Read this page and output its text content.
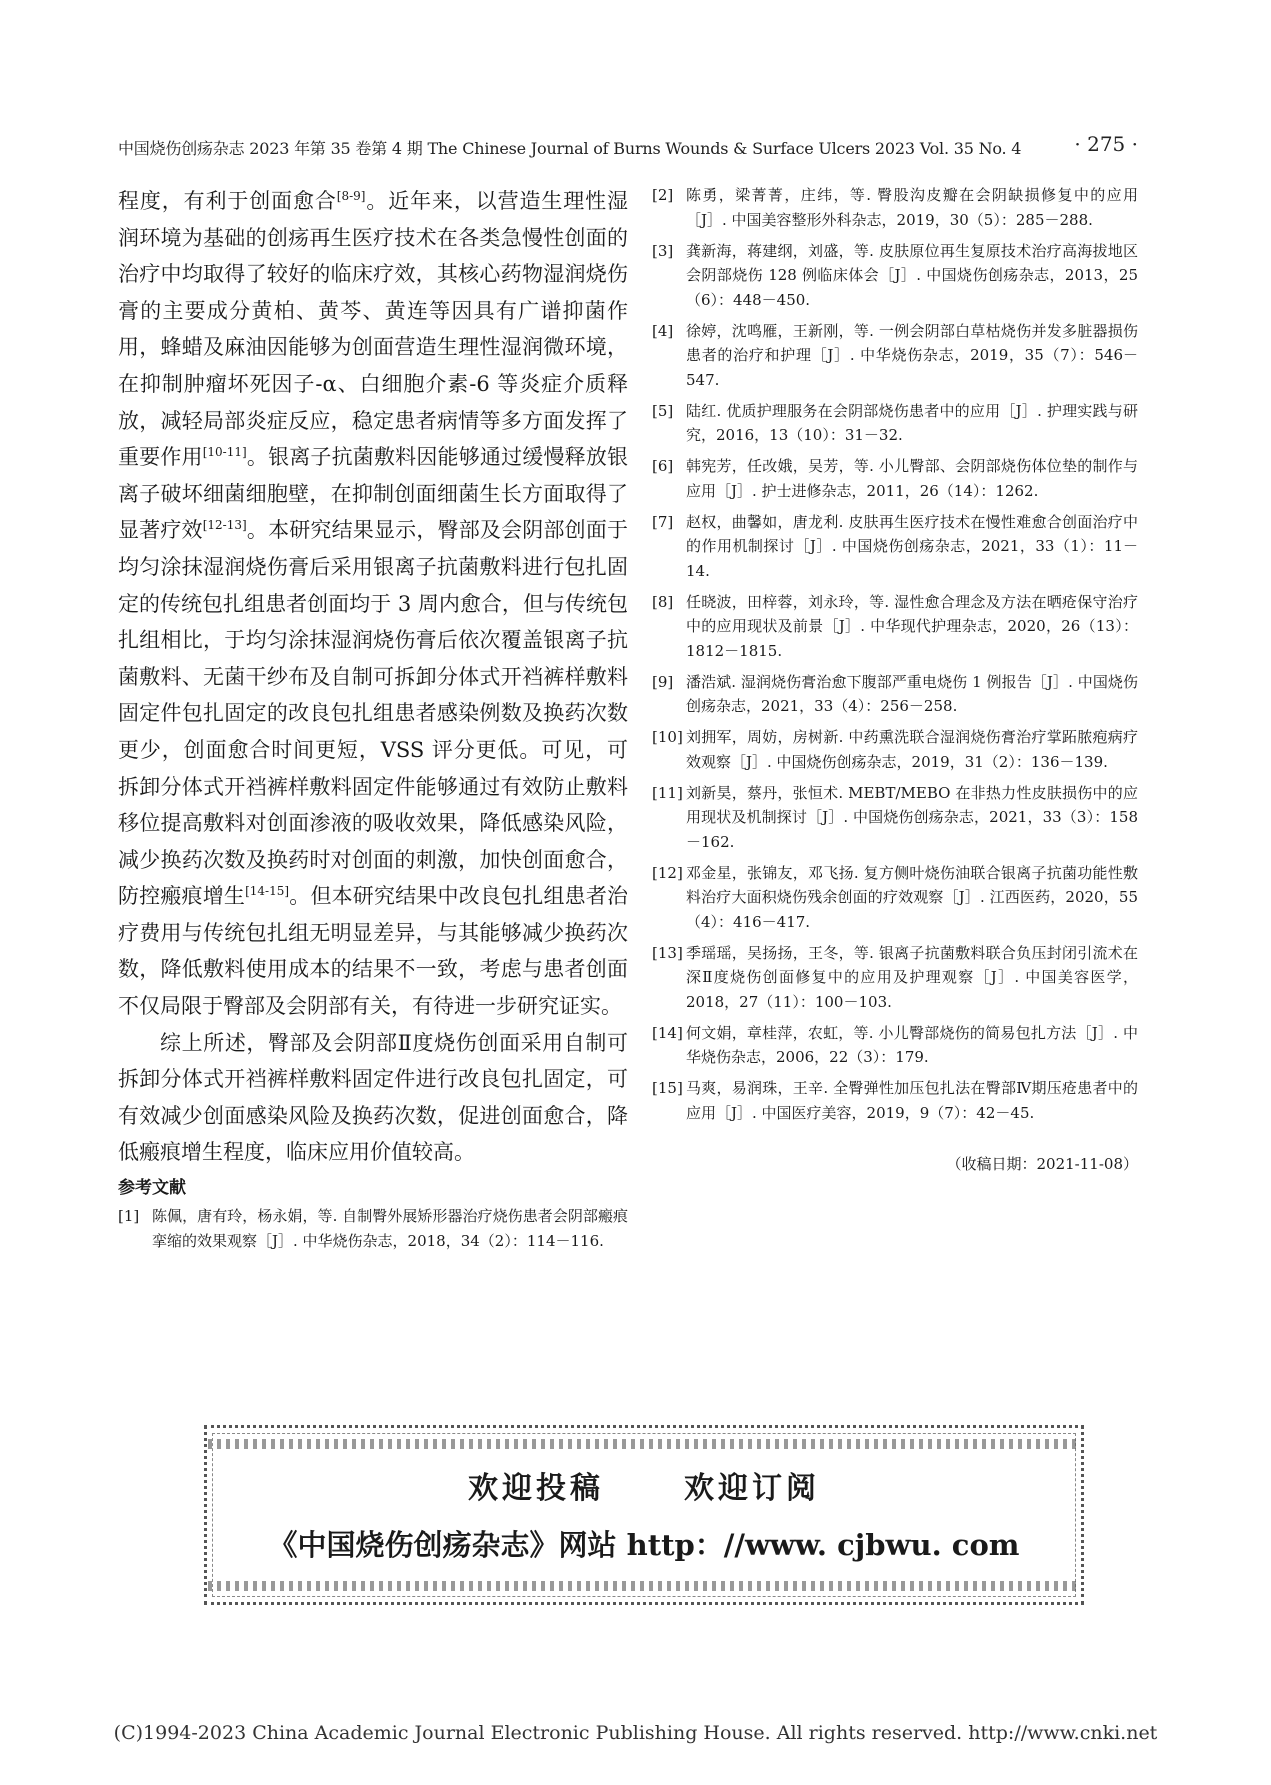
中国烧伤创疡杂志 2023 年第 35 卷第 4 期 The Chinese Journal of Burns Wounds & Surface Ulcers 2023 Vol. 35 No. 4	· 275 ·

程度，有利于创面愈合[8-9]。近年来，以营造生理性湿润环境为基础的创疡再生医疗技术在各类急慢性创面的治疗中均取得了较好的临床疗效，其核心药物湿润烧伤膏的主要成分黄柏、黄芩、黄连等因具有广谱抑菌作用，蜂蜡及麻油因能够为创面营造生理性湿润微环境，在抑制肿瘤坏死因子-α、白细胞介素-6 等炎症介质释放，减轻局部炎症反应，稳定患者病情等多方面发挥了重要作用[10-11]。银离子抗菌敷料因能够通过缓慢释放银离子破坏细菌细胞壁，在抑制创面细菌生长方面取得了显著疗效[12-13]。本研究结果显示，臀部及会阴部创面于均匀涂抹湿润烧伤膏后采用银离子抗菌敷料进行包扎固定的传统包扎组患者创面均于 3 周内愈合，但与传统包扎组相比，于均匀涂抹湿润烧伤膏后依次覆盖银离子抗菌敷料、无菌干纱布及自制可拆卸分体式开裆裤样敷料固定件包扎固定的改良包扎组患者感染例数及换药次数更少，创面愈合时间更短，VSS 评分更低。可见，可拆卸分体式开裆裤样敷料固定件能够通过有效防止敷料移位提高敷料对创面渗液的吸收效果，降低感染风险，减少换药次数及换药时对创面的刺激，加快创面愈合，防控瘢痕增生[14-15]。但本研究结果中改良包扎组患者治疗费用与传统包扎组无明显差异，与其能够减少换药次数，降低敷料使用成本的结果不一致，考虑与患者创面不仅局限于臀部及会阴部有关，有待进一步研究证实。

综上所述，臀部及会阴部Ⅱ度烧伤创面采用自制可拆卸分体式开裆裤样敷料固定件进行改良包扎固定，可有效减少创面感染风险及换药次数，促进创面愈合，降低瘢痕增生程度，临床应用价值较高。

参考文献
[1] 陈佩，唐有玲，杨永娟，等. 自制臀外展矫形器治疗烧伤患者会阴部瘢痕挛缩的效果观察［J］. 中华烧伤杂志，2018，34（2）：114－116.
[2] 陈勇，梁菁菁，庄纬，等. 臀股沟皮瓣在会阴缺损修复中的应用［J］. 中国美容整形外科杂志，2019，30（5）：285－288.
[3] 龚新海，蒋建纲，刘盛，等. 皮肤原位再生复原技术治疗高海拔地区会阴部烧伤 128 例临床体会［J］. 中国烧伤创疡杂志，2013，25（6）：448－450.
[4] 徐婷，沈鸣雁，王新刚，等. 一例会阴部白草枯烧伤并发多脏器损伤患者的治疗和护理［J］. 中华烧伤杂志，2019，35（7）：546－547.
[5] 陆红. 优质护理服务在会阴部烧伤患者中的应用［J］. 护理实践与研究，2016，13（10）：31－32.
[6] 韩宪芳，任改娥，吴芳，等. 小儿臀部、会阴部烧伤体位垫的制作与应用［J］. 护士进修杂志，2011，26（14）：1262.
[7] 赵权，曲馨如，唐龙利. 皮肤再生医疗技术在慢性难愈合创面治疗中的作用机制探讨［J］. 中国烧伤创疡杂志，2021，33（1）：11－14.
[8] 任晓波，田梓蓉，刘永玲，等. 湿性愈合理念及方法在晒疮保守治疗中的应用现状及前景［J］. 中华现代护理杂志，2020，26（13）：1812－1815.
[9] 潘浩斌. 湿润烧伤膏治愈下腹部严重电烧伤 1 例报告［J］. 中国烧伤创疡杂志，2021，33（4）：256－258.
[10] 刘拥军，周妨，房树新. 中药熏洗联合湿润烧伤膏治疗掌跖脓疱病疗效观察［J］. 中国烧伤创疡杂志，2019，31（2）：136－139.
[11] 刘新昊，蔡丹，张恒术. MEBT/MEBO 在非热力性皮肤损伤中的应用现状及机制探讨［J］. 中国烧伤创疡杂志，2021，33（3）：158－162.
[12] 邓金星，张锦友，邓飞扬. 复方侧叶烧伤油联合银离子抗菌功能性敷料治疗大面积烧伤残余创面的疗效观察［J］. 江西医药，2020，55（4）：416－417.
[13] 季瑶瑶，吴扬扬，王冬，等. 银离子抗菌敷料联合负压封闭引流术在深Ⅱ度烧伤创面修复中的应用及护理观察［J］. 中国美容医学，2018，27（11）：100－103.
[14] 何文娟，章桂萍，农虹，等. 小儿臀部烧伤的简易包扎方法［J］. 中华烧伤杂志，2006，22（3）：179.
[15] 马爽，易润珠，王辛. 全臀弹性加压包扎法在臀部Ⅳ期压疮患者中的应用［J］. 中国医疗美容，2019，9（7）：42－45.
（收稿日期：2021-11-08）
欢迎投稿	欢迎订阅
《中国烧伤创疡杂志》网站 http：//www. cjbwu. com
(C)1994-2023 China Academic Journal Electronic Publishing House. All rights reserved. http://www.cnki.net
